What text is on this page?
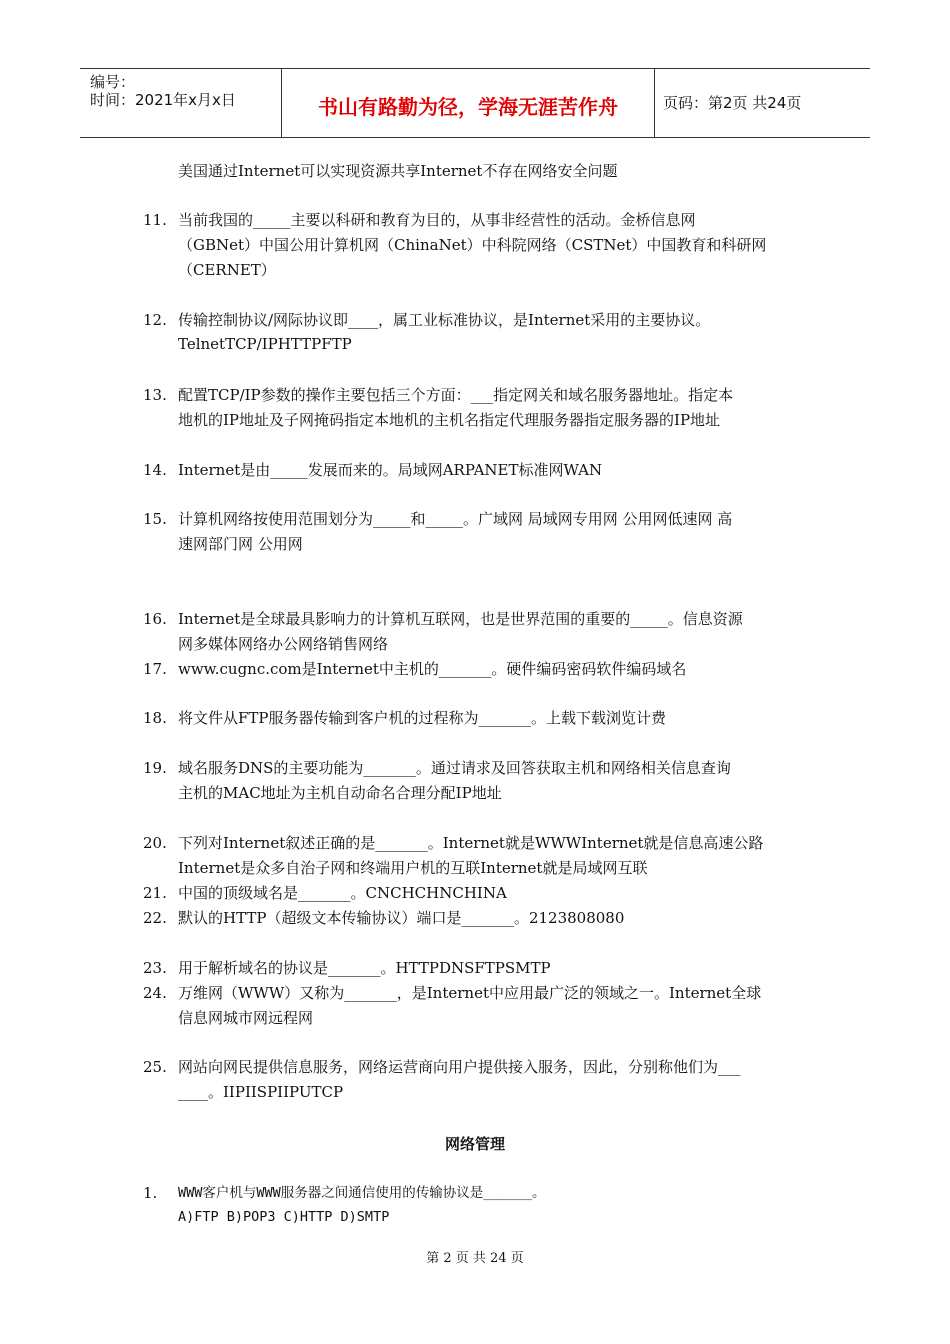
编号：
时间：2021年x月x日	书山有路勤为径，学海无涯苦作舟	页码：第2页 共24页
美国通过Internet可以实现资源共享Internet不存在网络安全问题
11. 当前我国的_____主要以科研和教育为目的，从事非经营性的活动。金桥信息网
（GBNet）中国公用计算机网（ChinaNet）中科院网络（CSTNet）中国教育和科研网
（CERNET）
12. 传输控制协议/网际协议即____，属工业标准协议，是Internet采用的主要协议。
TelnetTCP/IPHTTPFTP
13. 配置TCP/IP参数的操作主要包括三个方面：___指定网关和域名服务器地址。指定本
地机的IP地址及子网掩码指定本地机的主机名指定代理服务器指定服务器的IP地址
14. Internet是由_____发展而来的。局域网ARPANET标准网WAN
15. 计算机网络按使用范围划分为_____和_____。广域网 局域网专用网 公用网低速网 高
速网部门网 公用网
16. Internet是全球最具影响力的计算机互联网，也是世界范围的重要的_____。信息资源
网多媒体网络办公网络销售网络
17. www.cugnc.com是Internet中主机的_______。硬件编码密码软件编码域名
18. 将文件从FTP服务器传输到客户机的过程称为_______。上载下载浏览计费
19. 域名服务DNS的主要功能为_______。通过请求及回答获取主机和网络相关信息查询
主机的MAC地址为主机自动命名合理分配IP地址
20. 下列对Internet叙述正确的是_______。Internet就是WWWInternet就是信息高速公路
Internet是众多自治子网和终端用户机的互联Internet就是局域网互联
21. 中国的顶级域名是_______。CNCHCHNCHINA
22. 默认的HTTP（超级文本传输协议）端口是_______。2123808080
23. 用于解析域名的协议是_______。HTTPDNSFTPSMTP
24. 万维网（WWW）又称为_______，是Internet中应用最广泛的领域之一。Internet全球
信息网城市网远程网
25. 网站向网民提供信息服务，网络运营商向用户提供接入服务，因此，分别称他们为___
____。IIPIISPIIPUTCP
网络管理
1. WWW客户机与WWW服务器之间通信使用的传输协议是______。
A)FTP B)POP3 C)HTTP D)SMTP
第 2 页 共 24 页
